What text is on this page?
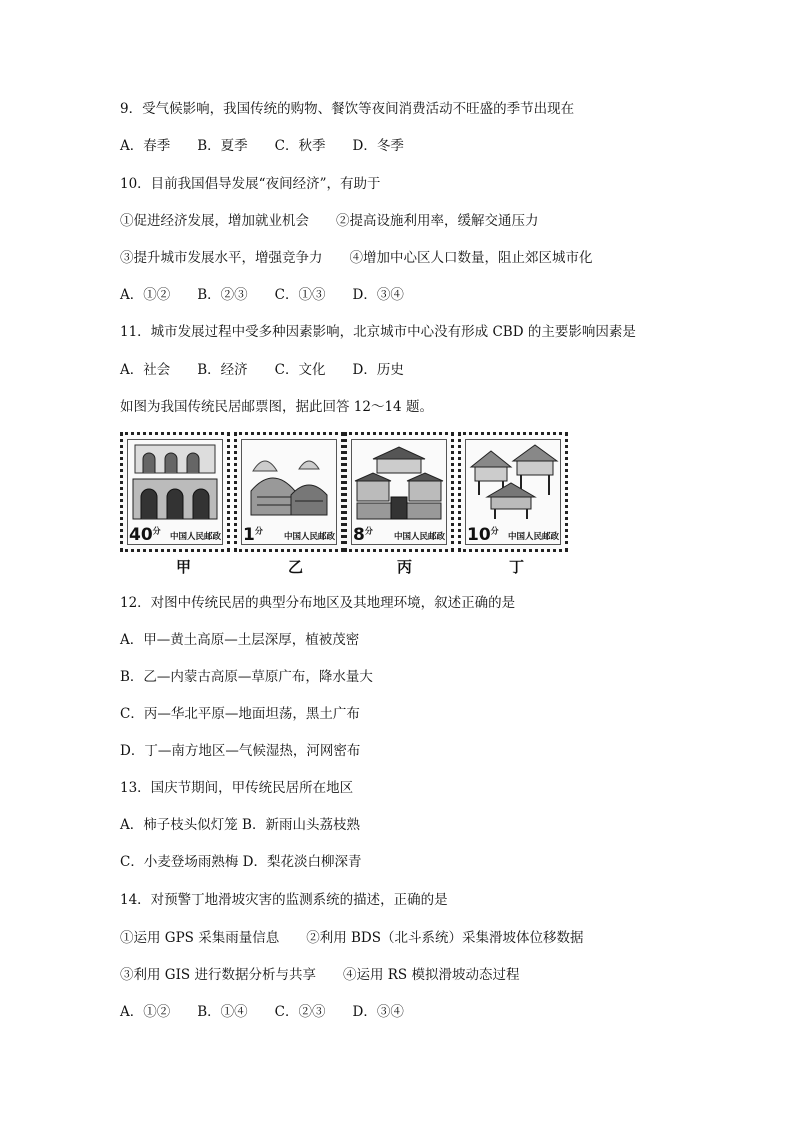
9．受气候影响，我国传统的购物、餐饮等夜间消费活动不旺盛的季节出现在
A．春季　　B．夏季　　C．秋季　　D．冬季
10．目前我国倡导发展“夜间经济”，有助于
①促进经济发展，增加就业机会　　②提高设施利用率，缓解交通压力
③提升城市发展水平，增强竞争力　　④增加中心区人口数量，阻止郊区城市化
A．①②　　B．②③　　C．①③　　D．③④
11．城市发展过程中受多种因素影响，北京城市中心没有形成 CBD 的主要影响因素是
A．社会　　B．经济　　C．文化　　D．历史
如图为我国传统民居邮票图，据此回答 12～14 题。
$40^分$
中国人民邮政 $1^分$
中国人民邮政 $8^分$
中国人民邮政 $10^分$
中国人民邮政
甲	乙	丙	丁
12．对图中传统民居的典型分布地区及其地理环境，叙述正确的是
A．甲—黄土高原—土层深厚，植被茂密
B．乙—内蒙古高原—草原广布，降水量大
C．丙—华北平原—地面坦荡，黑土广布
D．丁—南方地区—气候湿热，河网密布
13．国庆节期间，甲传统民居所在地区
A．柿子枝头似灯笼 B．新雨山头荔枝熟
C．小麦登场雨熟梅 D．梨花淡白柳深青
14．对预警丁地滑坡灾害的监测系统的描述，正确的是
①运用 GPS 采集雨量信息　　②利用 BDS（北斗系统）采集滑坡体位移数据
③利用 GIS 进行数据分析与共享　　④运用 RS 模拟滑坡动态过程
A．①②　　B．①④　　C．②③　　D．③④
